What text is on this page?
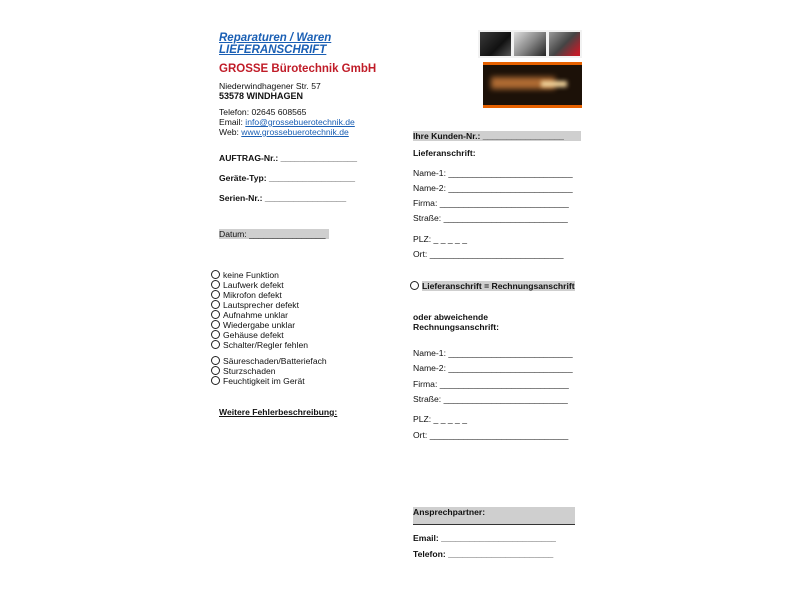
Reparaturen / Waren
LIEFERANSCHRIFT
GROSSE Bürotechnik GmbH
Niederwindhagener Str. 57
53578 WINDHAGEN
Telefon: 02645 608565
Email: info@grossebuerotechnik.de
Web: www.grossebuerotechnik.de
AUFTRAG-Nr.: ________________
Geräte-Typ: __________________
Serien-Nr.: _________________
Datum: ________________
keine Funktion
Laufwerk defekt
Mikrofon defekt
Lautsprecher defekt
Aufnahme unklar
Wiedergabe unklar
Gehäuse defekt
Schalter/Regler fehlen
Säureschaden/Batteriefach
Sturzschaden
Feuchtigkeit im Gerät
Weitere Fehlerbeschreibung:
Ihre Kunden-Nr.: _________________
Lieferanschrift:
Name-1: __________________________
Name-2: __________________________
Firma: ___________________________
Straße: __________________________
PLZ: _ _ _ _ _
Ort: ____________________________
Lieferanschrift = Rechnungsanschrift
oder abweichende
Rechnungsanschrift:
Name-1: __________________________
Name-2: __________________________
Firma: ___________________________
Straße: __________________________
PLZ: _ _ _ _ _
Ort: _____________________________
Ansprechpartner:
Email: ________________________
Telefon: ______________________
